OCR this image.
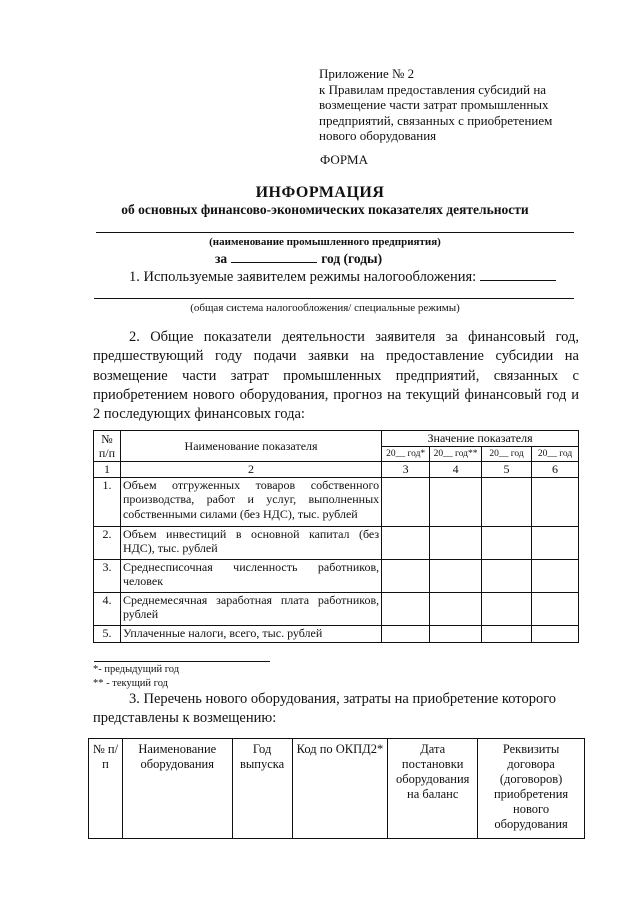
Приложение № 2
к Правилам предоставления субсидий на
возмещение части затрат промышленных
предприятий, связанных с приобретением
нового оборудования
ФОРМА
ИНФОРМАЦИЯ
об основных финансово-экономических показателях деятельности
(наименование промышленного предприятия)
за	год (годы)
1. Используемые заявителем режимы налогообложения:
(общая система налогообложения/ специальные режимы)
2. Общие показатели деятельности заявителя за финансовый год, предшествующий году подачи заявки на предоставление субсидии на возмещение части затрат промышленных предприятий, связанных с приобретением нового оборудования, прогноз на текущий финансовый год и 2 последующих финансовых года:
№ п/п	Наименование показателя	Значение показателя			
		20__ год*	20__ год**	20__ год	20__ год
1	2	3	4	5	6
1.	Объем отгруженных товаров собственного производства, работ и услуг, выполненных собственными силами (без НДС), тыс. рублей				
2.	Объем инвестиций в основной капитал (без НДС), тыс. рублей				
3.	Среднесписочная численность работников, человек				
4.	Среднемесячная заработная плата работников, рублей				
5.	Уплаченные налоги, всего, тыс. рублей				
*- предыдущий год
** - текущий год
3. Перечень нового оборудования, затраты на приобретение которого представлены к возмещению:
№ п/п	Наименование оборудования	Год выпуска	Код по ОКПД2*	Дата постановки оборудования на баланс	Реквизиты договора (договоров) приобретения нового оборудования
